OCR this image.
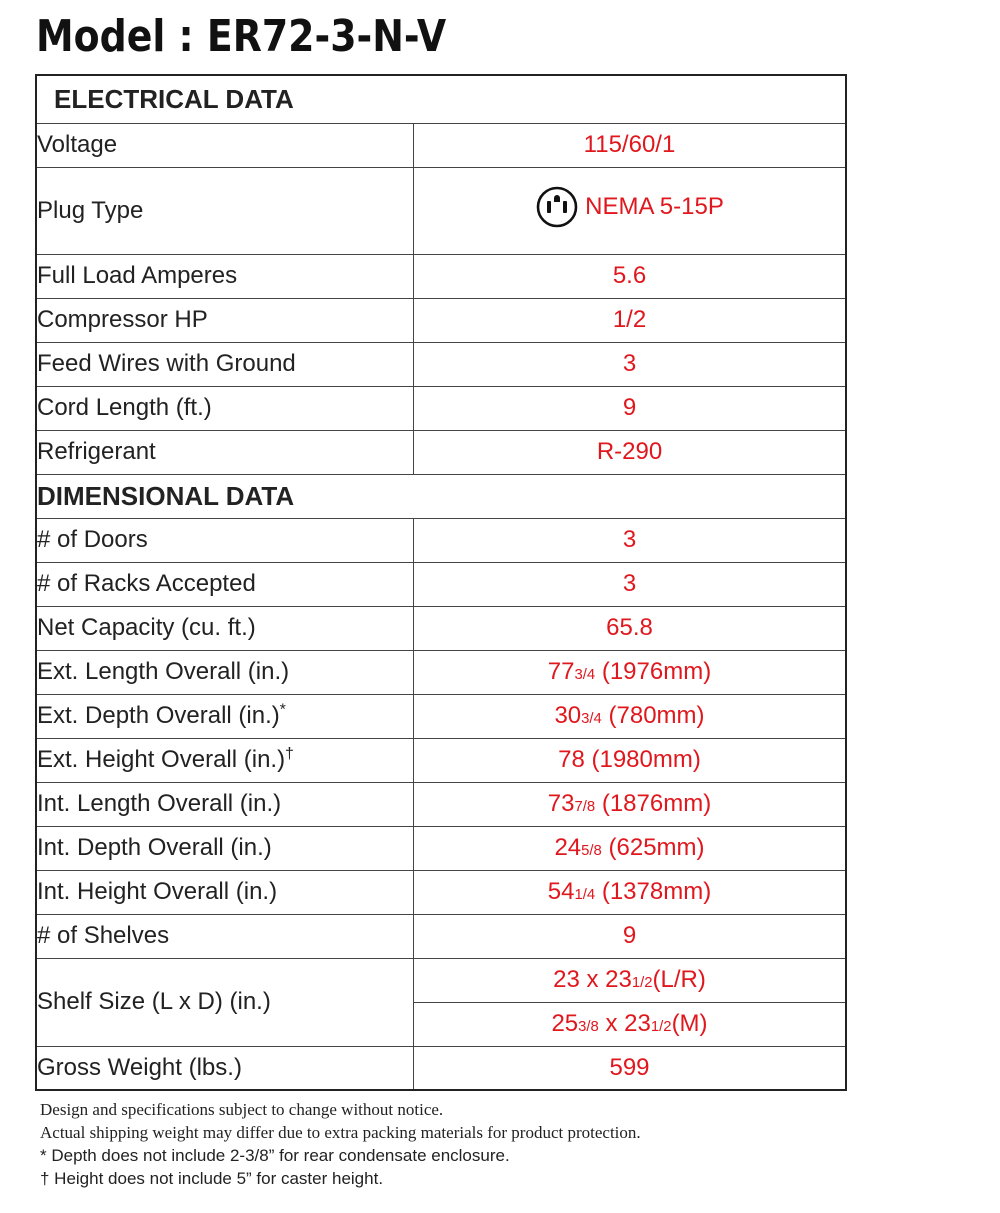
Model : ER72-3-N-V
ELECTRICAL DATA	
Voltage	115/60/1
Plug Type	NEMA 5-15P

Full Load Amperes	5.6
Compressor HP	1/2
Feed Wires with Ground	3
Cord Length (ft.)	9
Refrigerant	R-290
DIMENSIONAL DATA	
# of Doors	3
# of Racks Accepted	3
Net Capacity (cu. ft.)	65.8
Ext. Length Overall (in.)	773/4 (1976mm)
Ext. Depth Overall (in.)*	303/4 (780mm)
Ext. Height Overall (in.)†	78 (1980mm)
Int. Length Overall (in.)	737/8 (1876mm)
Int. Depth Overall (in.)	245/8 (625mm)
Int. Height Overall (in.)	541/4 (1378mm)
# of Shelves	9
Shelf Size (L x D) (in.)	23 x 231/2(L/R)
	253/8 x 231/2(M)
Gross Weight (lbs.)	599
Design and specifications subject to change without notice.
Actual shipping weight may differ due to extra packing materials for product protection.
* Depth does not include 2-3/8” for rear condensate enclosure.
† Height does not include 5” for caster height.
